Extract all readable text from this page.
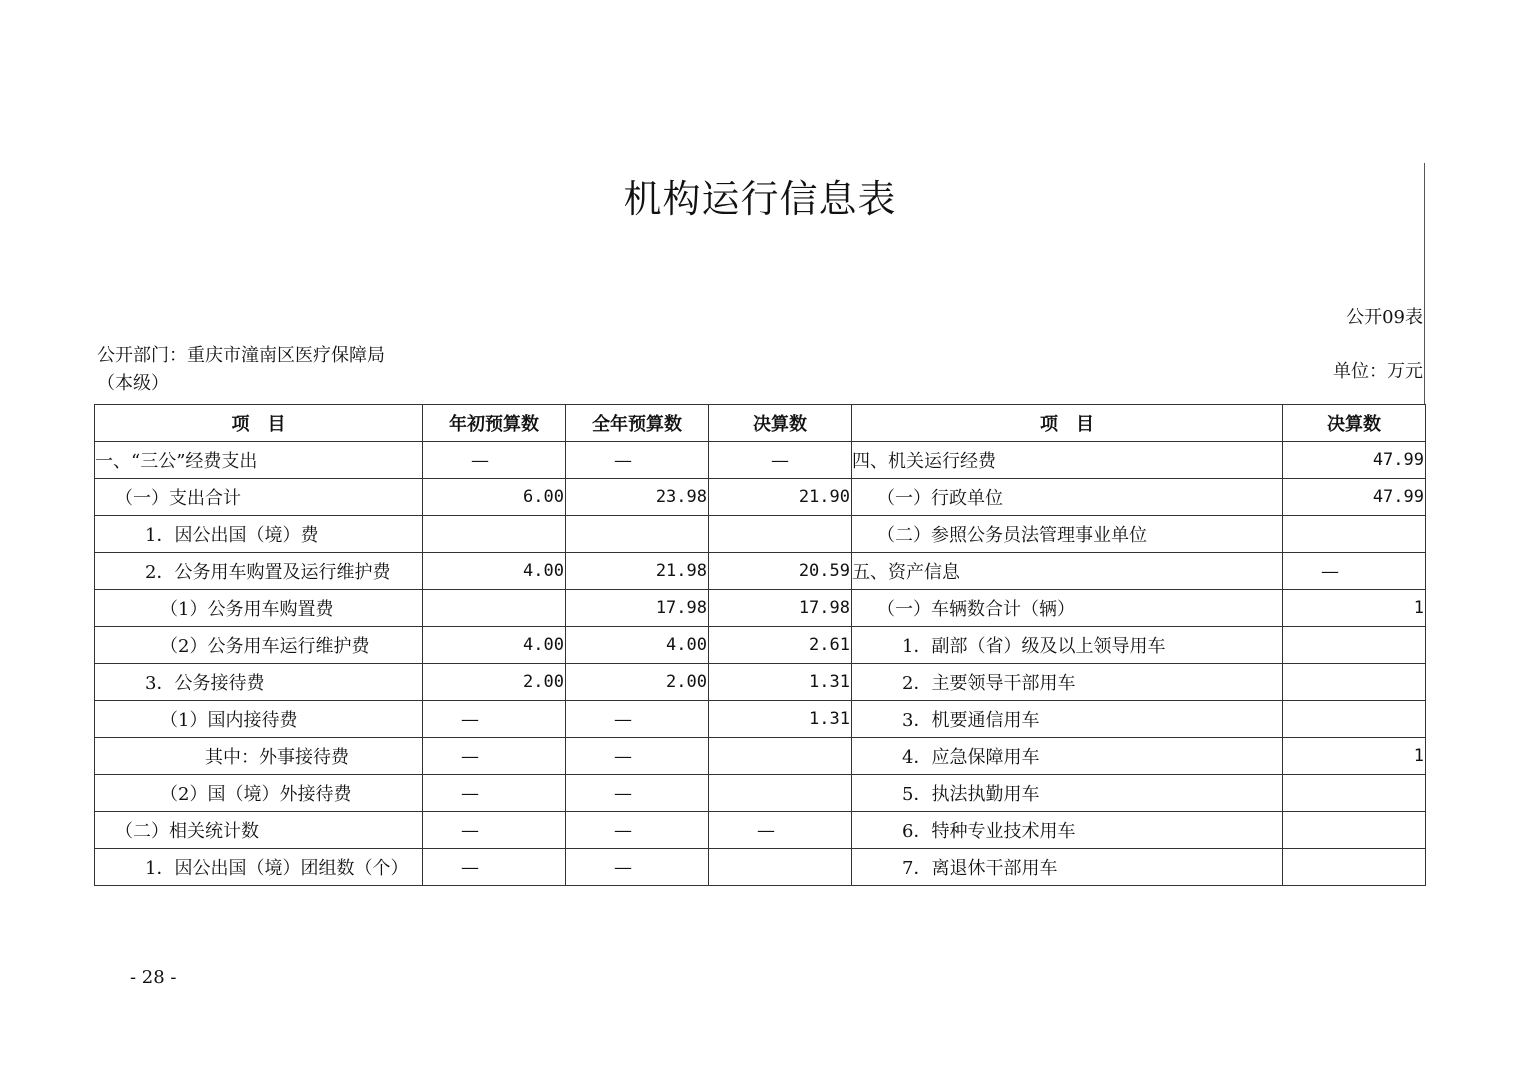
机构运行信息表
公开09表
公开部门：重庆市潼南区医疗保障局
（本级）
单位：万元
项　目	年初预算数	全年预算数	决算数	项　目	决算数
一、“三公”经费支出	—	—	—	四、机关运行经费	47.99
（一）支出合计	6.00	23.98	21.90	（一）行政单位	47.99
1．因公出国（境）费				（二）参照公务员法管理事业单位	
2．公务用车购置及运行维护费	4.00	21.98	20.59	五、资产信息	—
（1）公务用车购置费		17.98	17.98	（一）车辆数合计（辆）	1
（2）公务用车运行维护费	4.00	4.00	2.61	1．副部（省）级及以上领导用车	
3．公务接待费	2.00	2.00	1.31	2．主要领导干部用车	
（1）国内接待费	—	—	1.31	3．机要通信用车	
其中：外事接待费	—	—		4．应急保障用车	1
（2）国（境）外接待费	—	—		5．执法执勤用车	
（二）相关统计数	—	—	—	6．特种专业技术用车	
1．因公出国（境）团组数（个）	—	—		7．离退休干部用车	
- 28 -
